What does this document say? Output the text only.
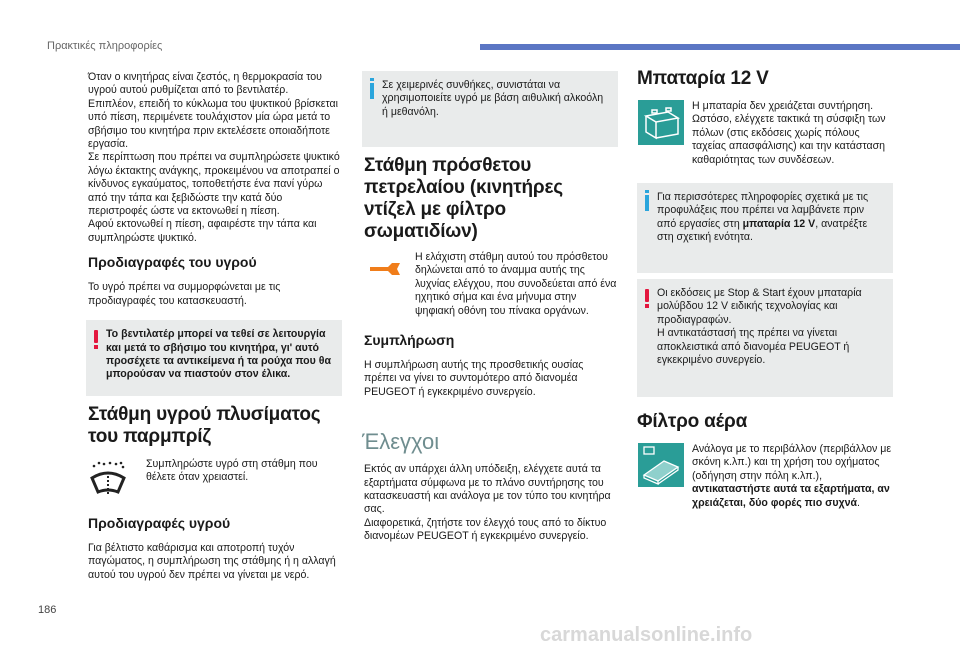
Πρακτικές πληροφορίες
Όταν ο κινητήρας είναι ζεστός, η θερμοκρασία του υγρού αυτού ρυθμίζεται από το βεντιλατέρ.
Επιπλέον, επειδή το κύκλωμα του ψυκτικού βρίσκεται υπό πίεση, περιμένετε τουλάχιστον μία ώρα μετά το σβήσιμο του κινητήρα πριν εκτελέσετε οποιαδήποτε εργασία.
Σε περίπτωση που πρέπει να συμπληρώσετε ψυκτικό λόγω έκτακτης ανάγκης, προκειμένου να αποτραπεί ο κίνδυνος εγκαύματος, τοποθετήστε ένα πανί γύρω από την τάπα και ξεβιδώστε την κατά δύο περιστροφές ώστε να εκτονωθεί η πίεση.
Αφού εκτονωθεί η πίεση, αφαιρέστε την τάπα και συμπληρώστε ψυκτικό.
Προδιαγραφές του υγρού
Το υγρό πρέπει να συμμορφώνεται με τις προδιαγραφές του κατασκευαστή.
Το βεντιλατέρ μπορεί να τεθεί σε λειτουργία και μετά το σβήσιμο του κινητήρα, γι' αυτό προσέχετε τα αντικείμενα ή τα ρούχα που θα μπορούσαν να πιαστούν στον έλικα.
Στάθμη υγρού πλυσίματος του παρμπρίζ
Συμπληρώστε υγρό στη στάθμη που θέλετε όταν χρειαστεί.
Προδιαγραφές υγρού
Για βέλτιστο καθάρισμα και αποτροπή τυχόν παγώματος, η συμπλήρωση της στάθμης ή η αλλαγή αυτού του υγρού δεν πρέπει να γίνεται με νερό.
Σε χειμερινές συνθήκες, συνιστάται να χρησιμοποιείτε υγρό με βάση αιθυλική αλκοόλη ή μεθανόλη.
Στάθμη πρόσθετου πετρελαίου (κινητήρες ντίζελ με φίλτρο σωματιδίων)
Η ελάχιστη στάθμη αυτού του πρόσθετου δηλώνεται από το άναμμα αυτής της λυχνίας ελέγχου, που συνοδεύεται από ένα ηχητικό σήμα και ένα μήνυμα στην ψηφιακή οθόνη του πίνακα οργάνων.
Συμπλήρωση
Η συμπλήρωση αυτής της προσθετικής ουσίας πρέπει να γίνει το συντομότερο από διανομέα PEUGEOT ή εγκεκριμένο συνεργείο.
Έλεγχοι
Εκτός αν υπάρχει άλλη υπόδειξη, ελέγχετε αυτά τα εξαρτήματα σύμφωνα με το πλάνο συντήρησης του κατασκευαστή και ανάλογα με τον τύπο του κινητήρα σας.
Διαφορετικά, ζητήστε τον έλεγχό τους από το δίκτυο διανομέων PEUGEOT ή εγκεκριμένο συνεργείο.
Μπαταρία 12 V
Η μπαταρία δεν χρειάζεται συντήρηση. Ωστόσο, ελέγχετε τακτικά τη σύσφιξη των πόλων (στις εκδόσεις χωρίς πόλους ταχείας απασφάλισης) και την κατάσταση καθαριότητας των συνδέσεων.
Για περισσότερες πληροφορίες σχετικά με τις προφυλάξεις που πρέπει να λαμβάνετε πριν από εργασίες στη μπαταρία 12 V, ανατρέξτε στη σχετική ενότητα.
Οι εκδόσεις με Stop & Start έχουν μπαταρία μολύβδου 12 V ειδικής τεχνολογίας και προδιαγραφών.
Η αντικατάστασή της πρέπει να γίνεται αποκλειστικά από διανομέα PEUGEOT ή εγκεκριμένο συνεργείο.
Φίλτρο αέρα
Ανάλογα με το περιβάλλον (περιβάλλον με σκόνη κ.λπ.) και τη χρήση του οχήματος (οδήγηση στην πόλη κ.λπ.), αντικαταστήστε αυτά τα εξαρτήματα, αν χρειάζεται, δύο φορές πιο συχνά.
186
carmanualsonline.info
